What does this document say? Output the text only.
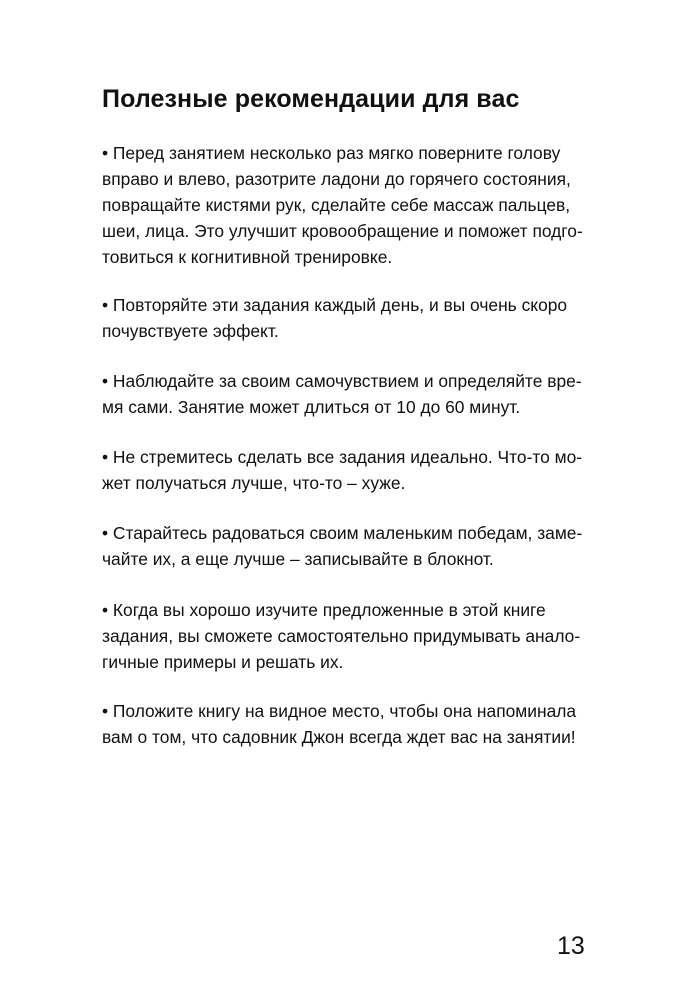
Полезные рекомендации для вас

• Перед занятием несколько раз мягко поверните голову
вправо и влево, разотрите ладони до горячего состояния,
повращайте кистями рук, сделайте себе массаж пальцев,
шеи, лица. Это улучшит кровообращение и поможет подго-
товиться к когнитивной тренировке.

• Повторяйте эти задания каждый день, и вы очень скоро
почувствуете эффект.

• Наблюдайте за своим самочувствием и определяйте вре-
мя сами. Занятие может длиться от 10 до 60 минут.

• Не стремитесь сделать все задания идеально. Что-то мо-
жет получаться лучше, что-то – хуже.

• Старайтесь радоваться своим маленьким победам, заме-
чайте их, а еще лучше – записывайте в блокнот.

• Когда вы хорошо изучите предложенные в этой книге
задания, вы сможете самостоятельно придумывать анало-
гичные примеры и решать их.

• Положите книгу на видное место, чтобы она напоминала
вам о том, что садовник Джон всегда ждет вас на занятии!

13
